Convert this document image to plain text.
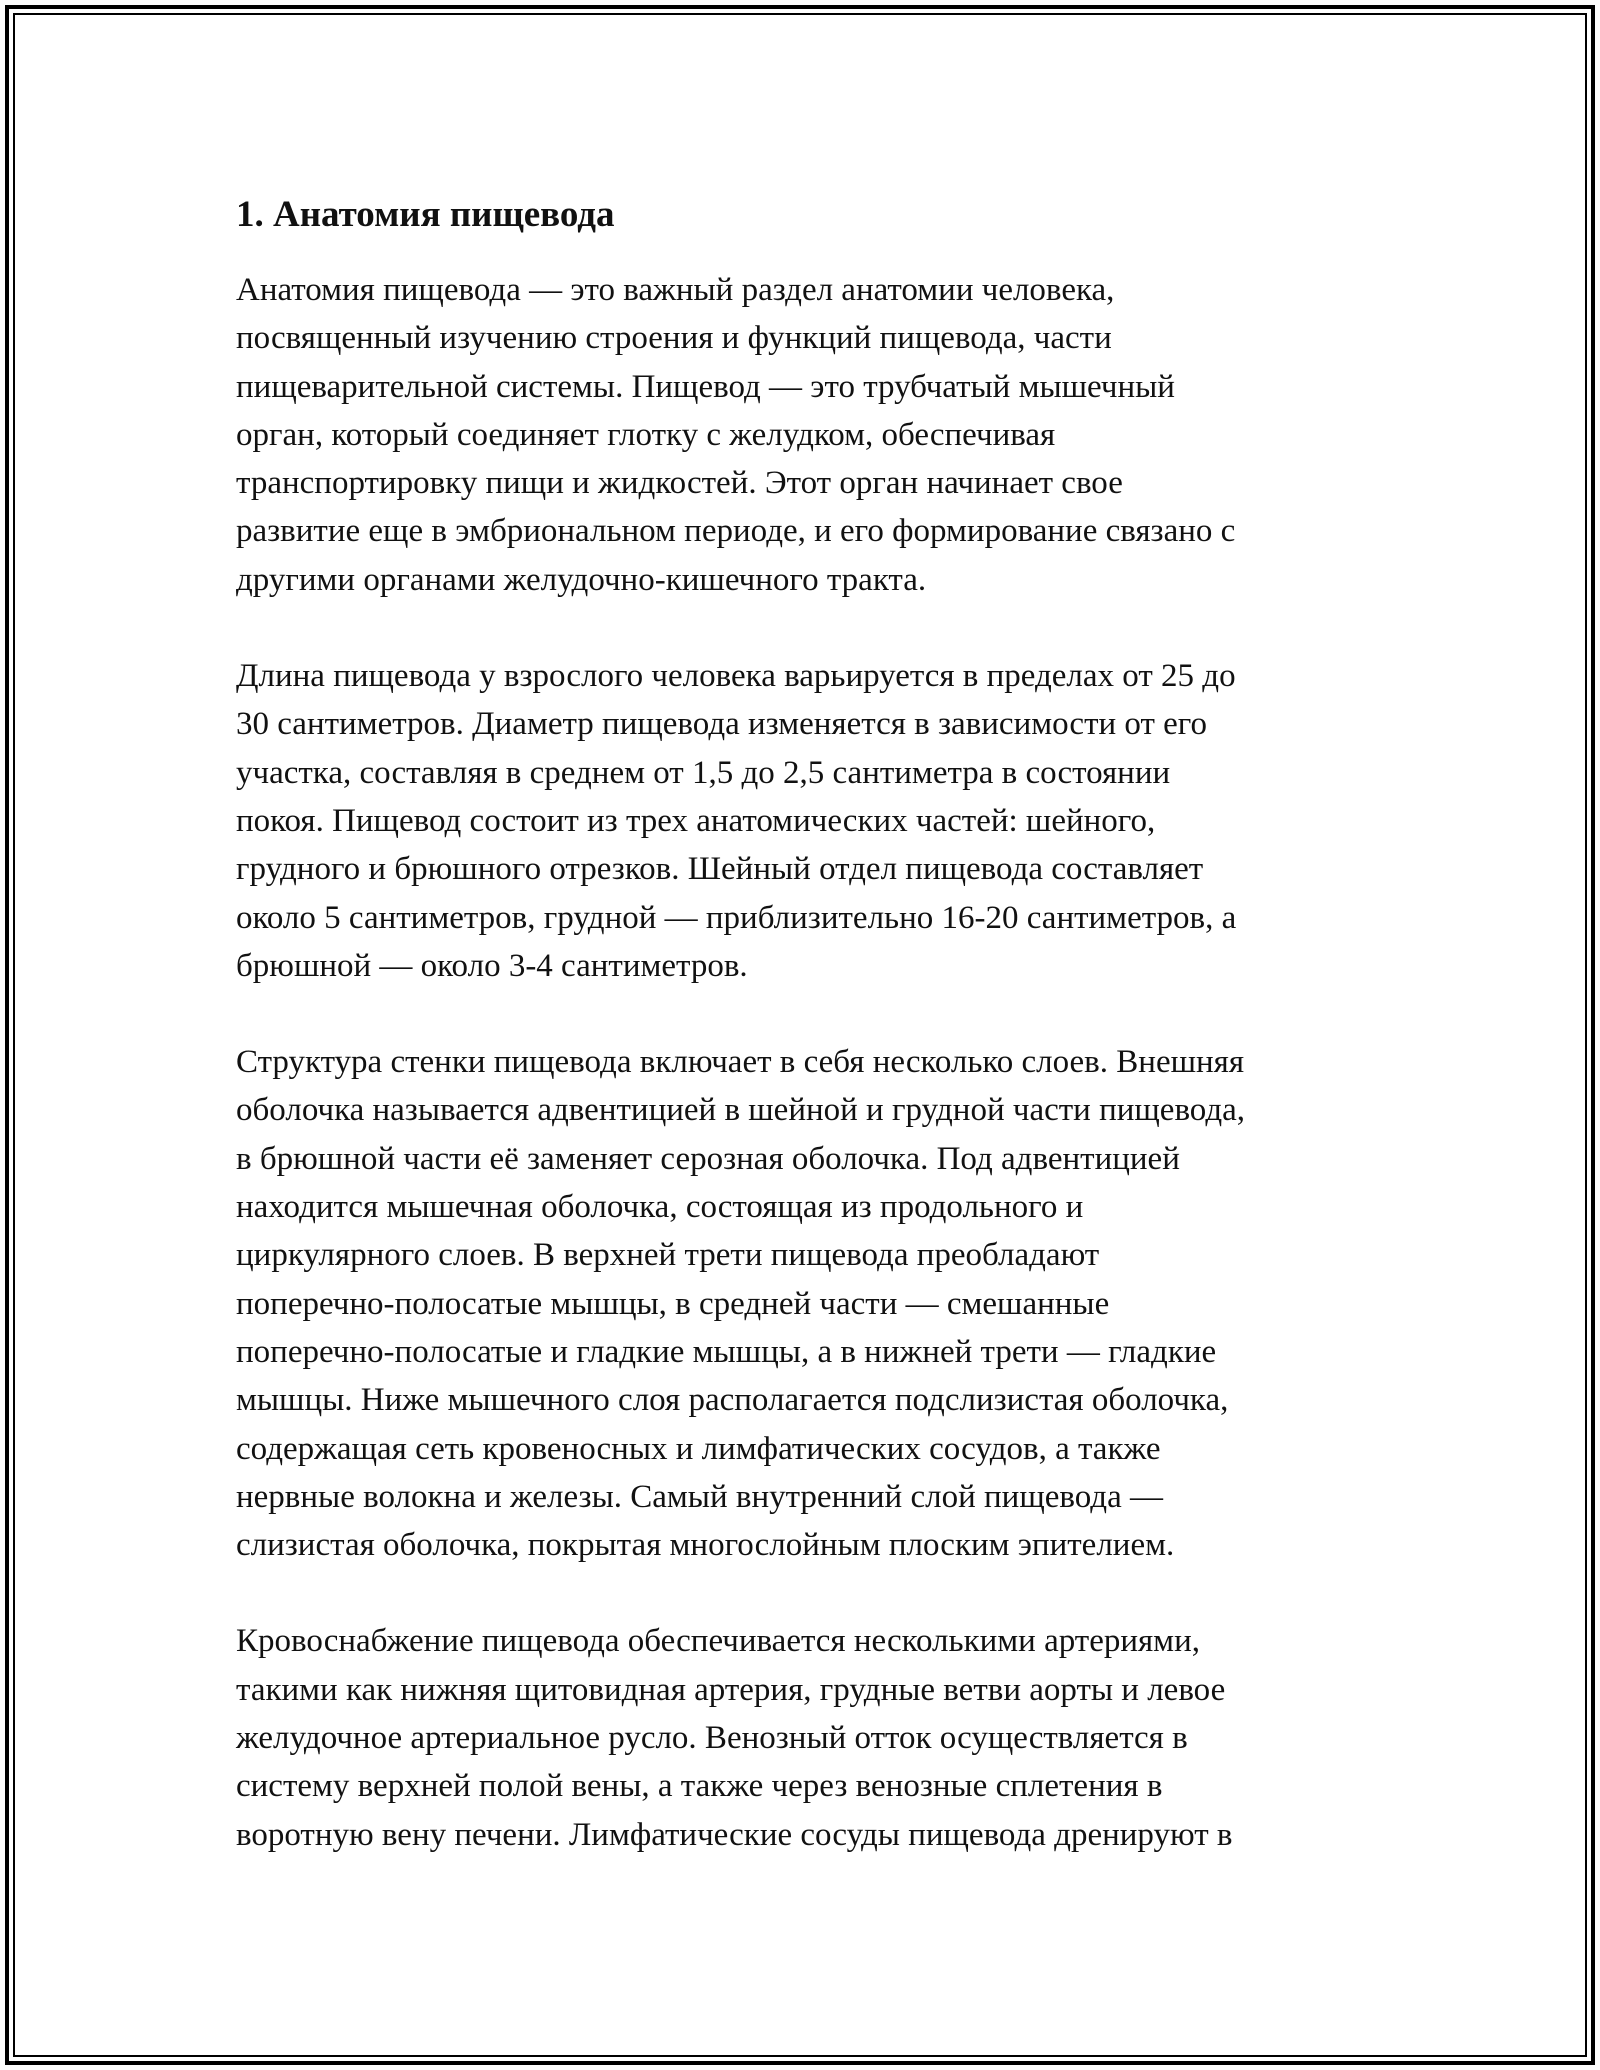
1. Анатомия пищевода

Анатомия пищевода — это важный раздел анатомии человека,
посвященный изучению строения и функций пищевода, части
пищеварительной системы. Пищевод — это трубчатый мышечный
орган, который соединяет глотку с желудком, обеспечивая
транспортировку пищи и жидкостей. Этот орган начинает свое
развитие еще в эмбриональном периоде, и его формирование связано с
другими органами желудочно-кишечного тракта.

Длина пищевода у взрослого человека варьируется в пределах от 25 до
30 сантиметров. Диаметр пищевода изменяется в зависимости от его
участка, составляя в среднем от 1,5 до 2,5 сантиметра в состоянии
покоя. Пищевод состоит из трех анатомических частей: шейного,
грудного и брюшного отрезков. Шейный отдел пищевода составляет
около 5 сантиметров, грудной — приблизительно 16-20 сантиметров, а
брюшной — около 3-4 сантиметров.

Структура стенки пищевода включает в себя несколько слоев. Внешняя
оболочка называется адвентицией в шейной и грудной части пищевода,
в брюшной части её заменяет серозная оболочка. Под адвентицией
находится мышечная оболочка, состоящая из продольного и
циркулярного слоев. В верхней трети пищевода преобладают
поперечно-полосатые мышцы, в средней части — смешанные
поперечно-полосатые и гладкие мышцы, а в нижней трети — гладкие
мышцы. Ниже мышечного слоя располагается подслизистая оболочка,
содержащая сеть кровеносных и лимфатических сосудов, а также
нервные волокна и железы. Самый внутренний слой пищевода —
слизистая оболочка, покрытая многослойным плоским эпителием.

Кровоснабжение пищевода обеспечивается несколькими артериями,
такими как нижняя щитовидная артерия, грудные ветви аорты и левое
желудочное артериальное русло. Венозный отток осуществляется в
систему верхней полой вены, а также через венозные сплетения в
воротную вену печени. Лимфатические сосуды пищевода дренируют в
